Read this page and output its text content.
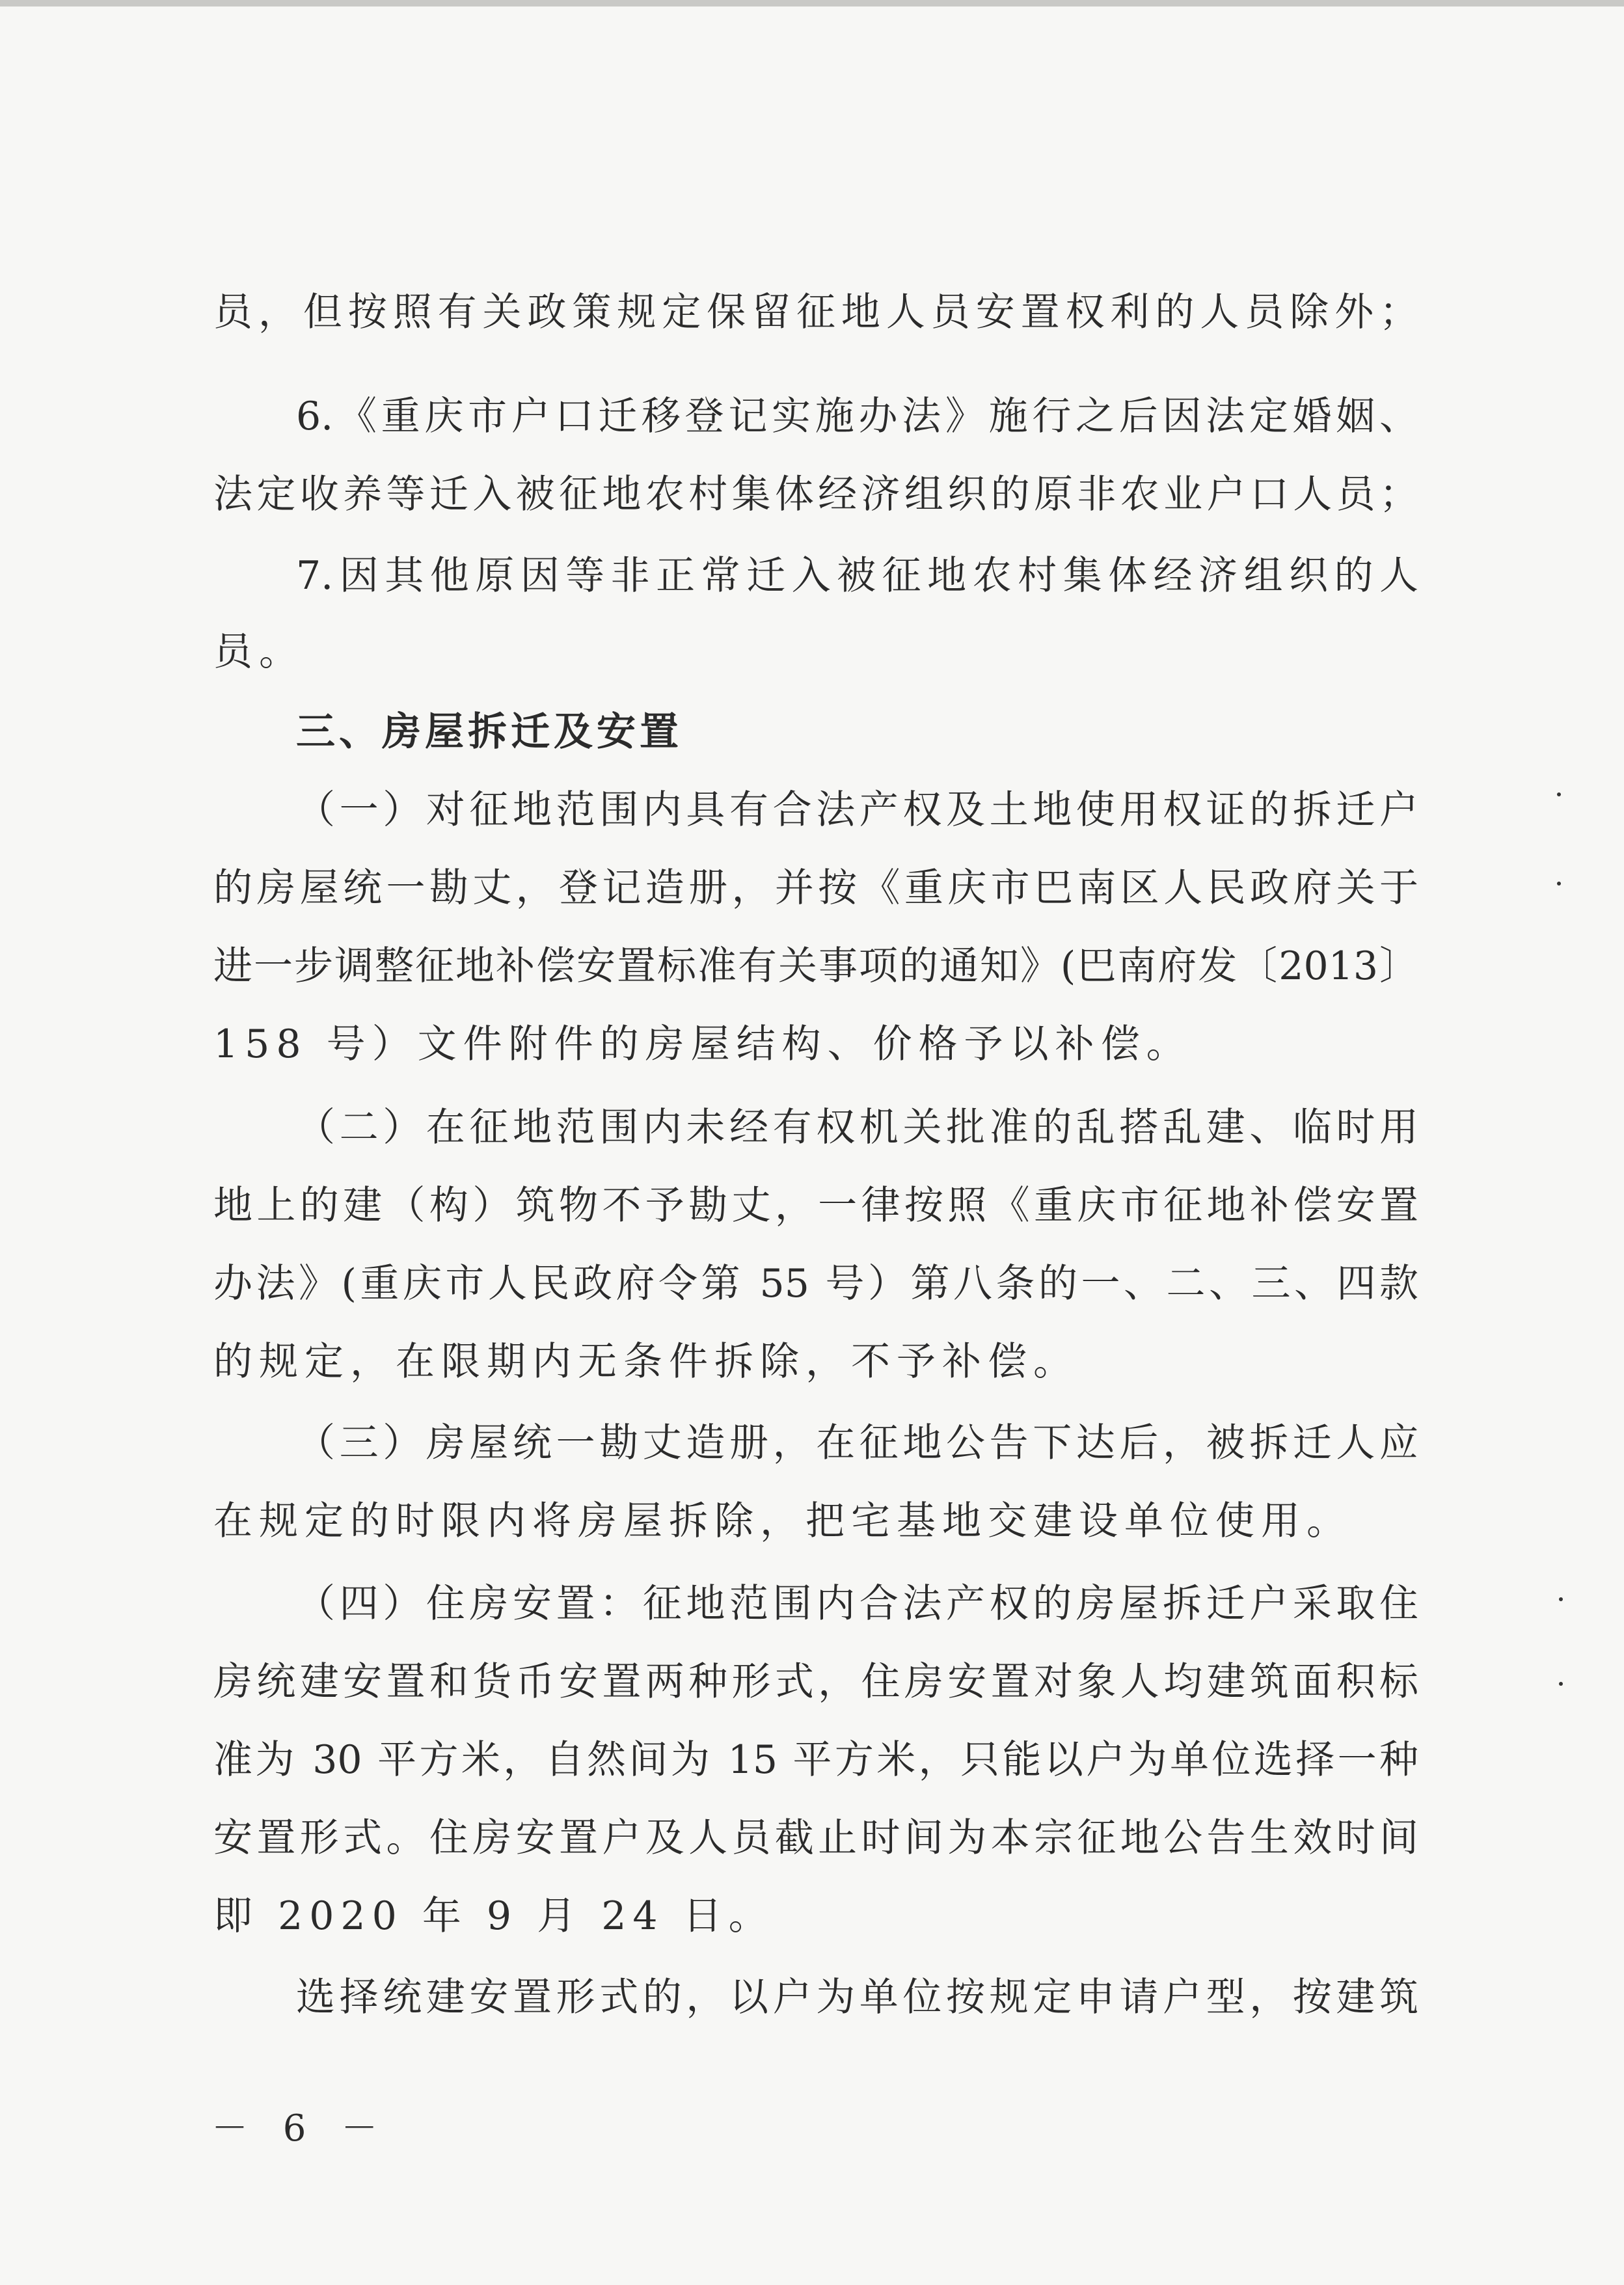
员，但按照有关政策规定保留征地人员安置权利的人员除外；
6.《重庆市户口迁移登记实施办法》施行之后因法定婚姻、
法定收养等迁入被征地农村集体经济组织的原非农业户口人员；
7.因其他原因等非正常迁入被征地农村集体经济组织的人
员。
三、房屋拆迁及安置
（一）对征地范围内具有合法产权及土地使用权证的拆迁户
的房屋统一勘丈，登记造册，并按《重庆市巴南区人民政府关于
进一步调整征地补偿安置标准有关事项的通知》(巴南府发〔2013〕
158 号）文件附件的房屋结构、价格予以补偿。
（二）在征地范围内未经有权机关批准的乱搭乱建、临时用
地上的建（构）筑物不予勘丈，一律按照《重庆市征地补偿安置
办法》(重庆市人民政府令第 55 号）第八条的一、二、三、四款
的规定，在限期内无条件拆除，不予补偿。
（三）房屋统一勘丈造册，在征地公告下达后，被拆迁人应
在规定的时限内将房屋拆除，把宅基地交建设单位使用。
（四）住房安置：征地范围内合法产权的房屋拆迁户采取住
房统建安置和货币安置两种形式，住房安置对象人均建筑面积标
准为 30 平方米，自然间为 15 平方米，只能以户为单位选择一种
安置形式。住房安置户及人员截止时间为本宗征地公告生效时间
即 2020 年 9 月 24 日。
选择统建安置形式的，以户为单位按规定申请户型，按建筑
－ 6 －
